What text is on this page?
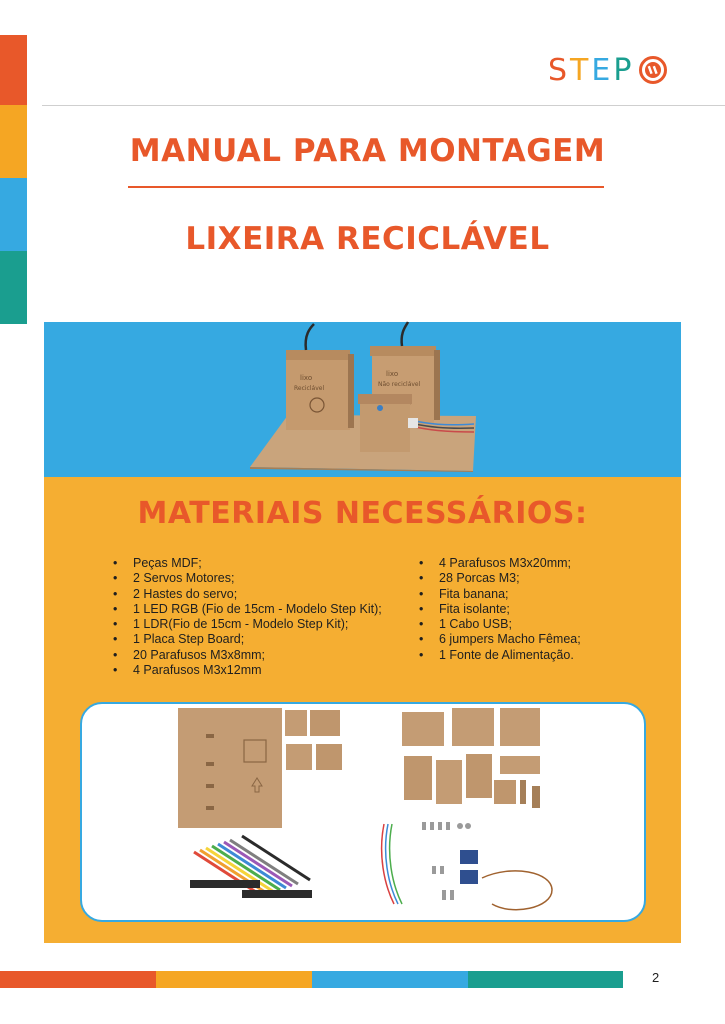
STEP
MANUAL PARA MONTAGEM
LIXEIRA RECICLÁVEL
lixo
Reciclável
lixo
Não reciclável
MATERIAIS NECESSÁRIOS:
• Peças MDF;
• 2 Servos Motores;
• 2 Hastes do servo;
• 1 LED RGB (Fio de 15cm - Modelo Step Kit);
• 1 LDR(Fio de 15cm - Modelo Step Kit);
• 1 Placa Step Board;
• 20 Parafusos M3x8mm;
• 4 Parafusos M3x12mm
• 4 Parafusos M3x20mm;
• 28 Porcas M3;
• Fita banana;
• Fita isolante;
• 1 Cabo USB;
• 6 jumpers Macho Fêmea;
• 1 Fonte de Alimentação.
2
